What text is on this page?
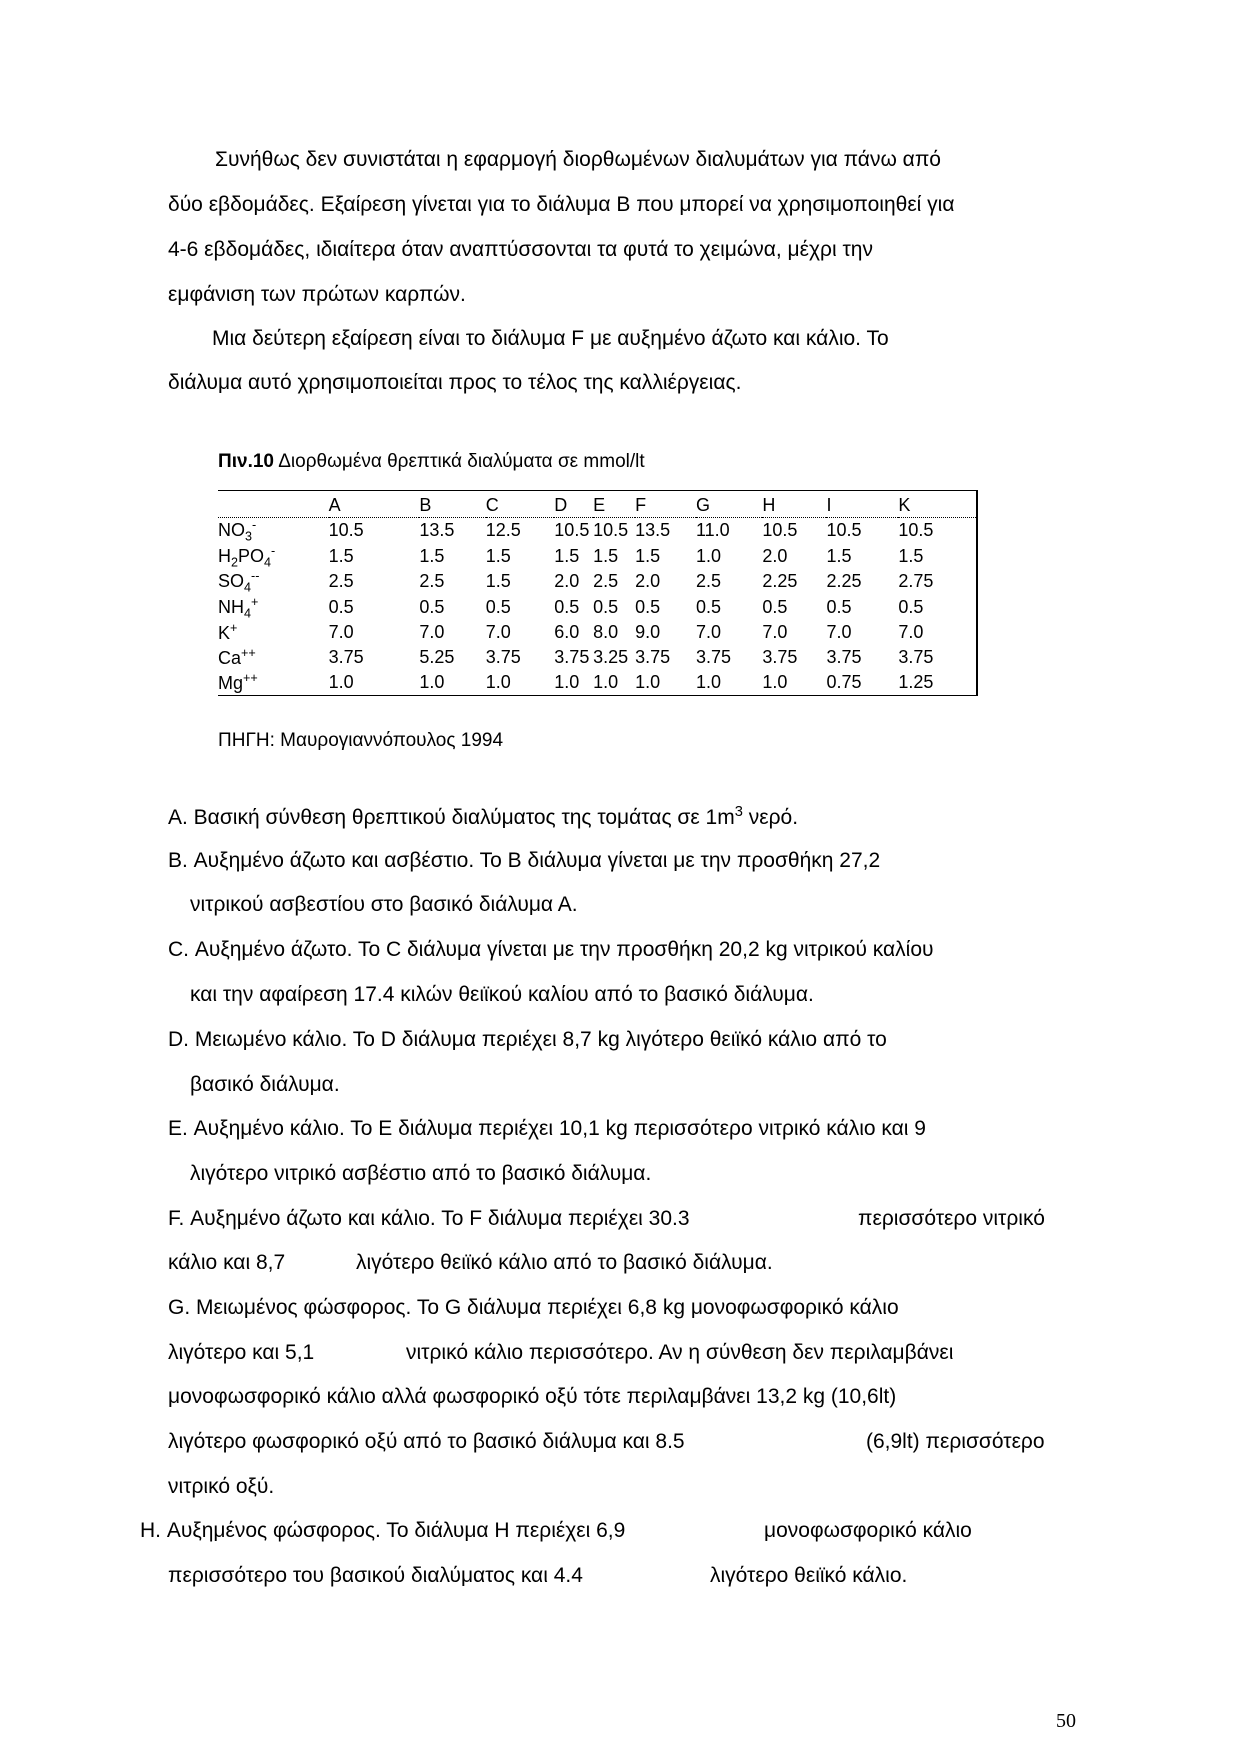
Συνήθως δεν συνιστάται η εφαρμογή διορθωμένων διαλυμάτων για πάνω από
δύο εβδομάδες. Εξαίρεση γίνεται για το διάλυμα Β που μπορεί να χρησιμοποιηθεί για
4-6 εβδομάδες, ιδιαίτερα όταν αναπτύσσονται τα φυτά το χειμώνα, μέχρι την
εμφάνιση των πρώτων καρπών.
Μια δεύτερη εξαίρεση είναι το διάλυμα F με αυξημένο άζωτο και κάλιο. Το
διάλυμα αυτό χρησιμοποιείται προς το τέλος της καλλιέργειας.
Πιν.10 Διορθωμένα θρεπτικά διαλύματα σε mmol/lt
	A	B	C	D	E	F	G	H	I	K
$NO_3^-$	10.5	13.5	12.5	10.5	10.5	13.5	11.0	10.5	10.5	10.5
$H_2PO_4^-$	1.5	1.5	1.5	1.5	1.5	1.5	1.0	2.0	1.5	1.5
$SO_4^{--}$	2.5	2.5	1.5	2.0	2.5	2.0	2.5	2.25	2.25	2.75
$NH_4^+$	0.5	0.5	0.5	0.5	0.5	0.5	0.5	0.5	0.5	0.5
K+	7.0	7.0	7.0	6.0	8.0	9.0	7.0	7.0	7.0	7.0
Ca++	3.75	5.25	3.75	3.75	3.25	3.75	3.75	3.75	3.75	3.75
Mg++	1.0	1.0	1.0	1.0	1.0	1.0	1.0	1.0	0.75	1.25
ΠΗΓΗ: Μαυρογιαννόπουλος 1994
A. Βασική σύνθεση θρεπτικού διαλύματος της τομάτας σε $1m^3$ νερό.
B. Αυξημένο άζωτο και ασβέστιο. Το Β διάλυμα γίνεται με την προσθήκη 27,2
νιτρικού ασβεστίου στο βασικό διάλυμα Α.
C. Αυξημένο άζωτο. Το C διάλυμα γίνεται με την προσθήκη 20,2 kg νιτρικού καλίου
και την αφαίρεση 17.4 κιλών θειϊκού καλίου από το βασικό διάλυμα.
D. Μειωμένο κάλιο. Το D διάλυμα περιέχει 8,7 kg λιγότερο θειϊκό κάλιο από το
βασικό διάλυμα.
E. Αυξημένο κάλιο. Το E διάλυμα περιέχει 10,1 kg περισσότερο νιτρικό κάλιο και 9
λιγότερο νιτρικό ασβέστιο από το βασικό διάλυμα.
F. Αυξημένο άζωτο και κάλιο. Το F διάλυμα περιέχει 30.3	περισσότερο νιτρικό
κάλιο και 8,7	λιγότερο θειϊκό κάλιο από το βασικό διάλυμα.
G. Μειωμένος φώσφορος. Το G διάλυμα περιέχει 6,8 kg μονοφωσφορικό κάλιο
λιγότερο και 5,1	νιτρικό κάλιο περισσότερο. Αν η σύνθεση δεν περιλαμβάνει
μονοφωσφορικό κάλιο αλλά φωσφορικό οξύ τότε περιλαμβάνει 13,2 kg (10,6lt)
λιγότερο φωσφορικό οξύ από το βασικό διάλυμα και 8.5	(6,9lt) περισσότερο
νιτρικό οξύ.
H. Αυξημένος φώσφορος. Το διάλυμα Η περιέχει 6,9	μονοφωσφορικό κάλιο
περισσότερο του βασικού διαλύματος και 4.4	λιγότερο θειϊκό κάλιο.
50
